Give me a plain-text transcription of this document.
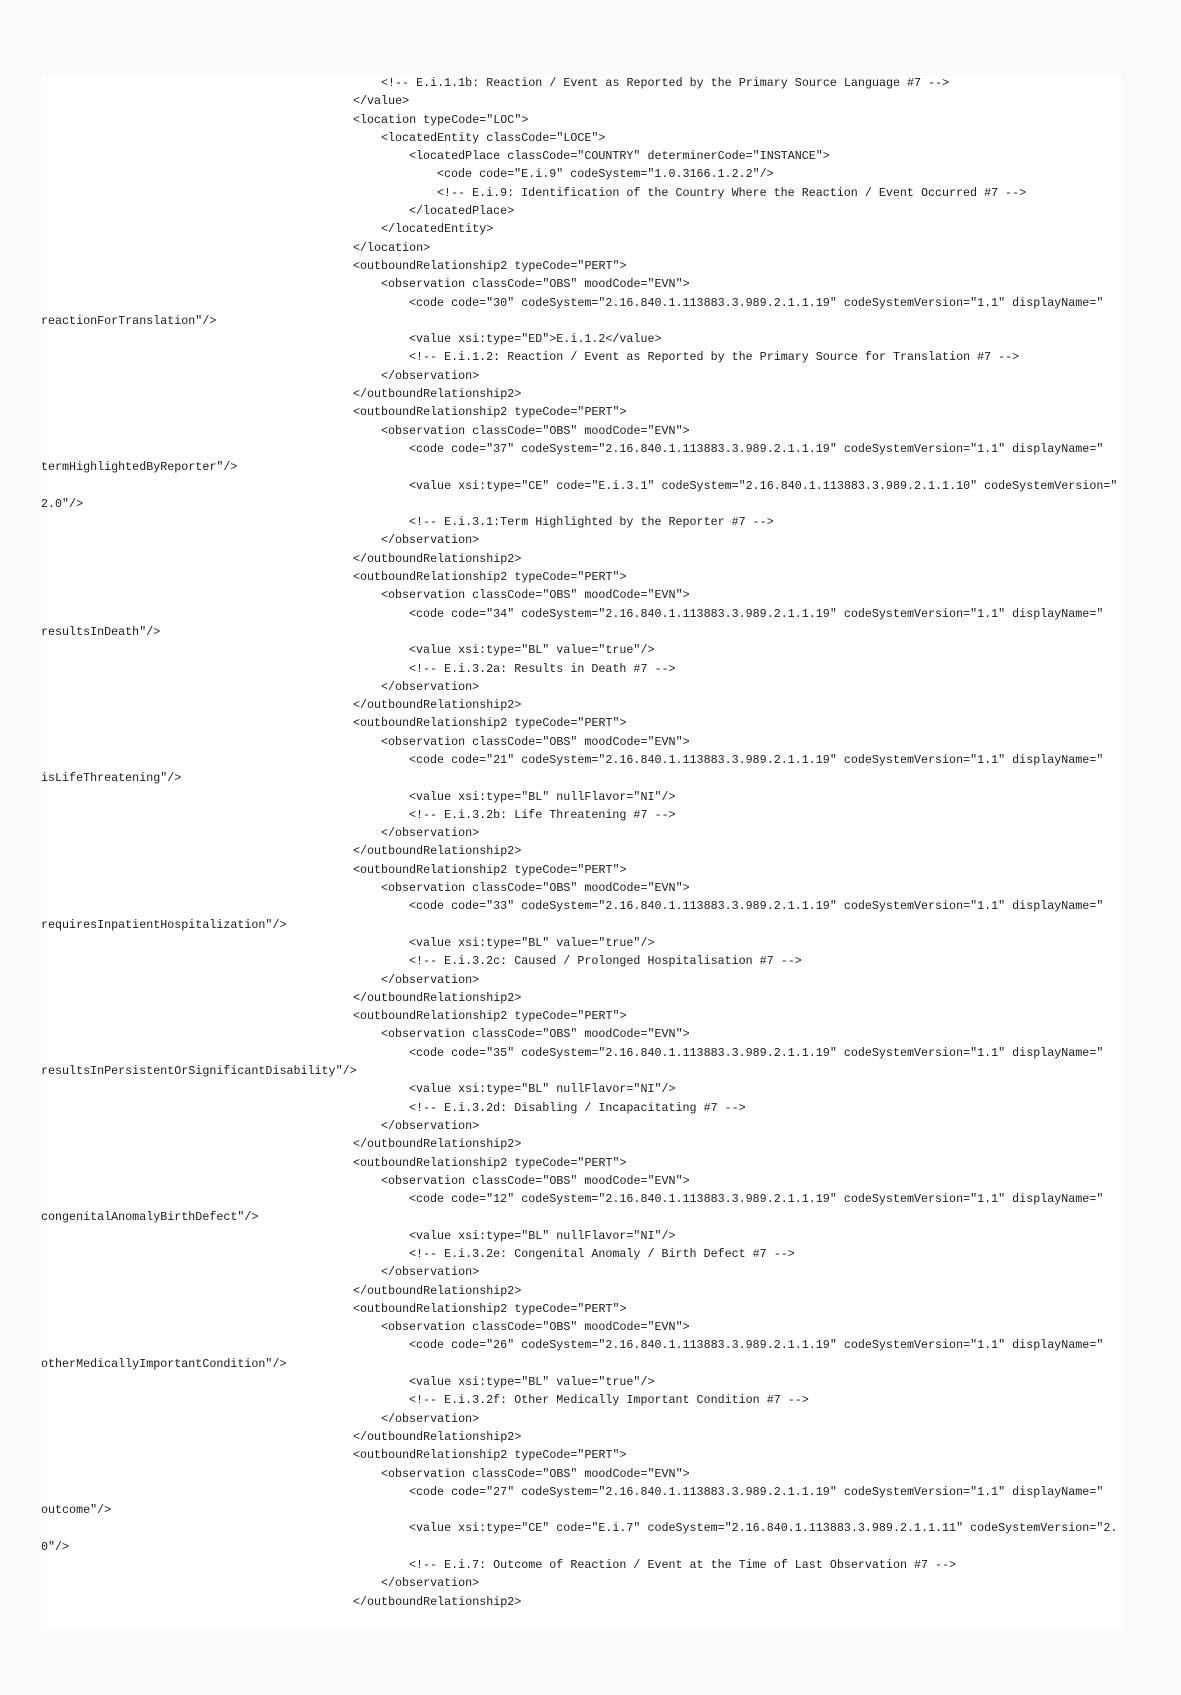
<!-- E.i.1.1b: Reaction / Event as Reported by the Primary Source Language #7 -->
</value>
<location typeCode="LOC">
<locatedEntity classCode="LOCE">
<locatedPlace classCode="COUNTRY" determinerCode="INSTANCE">
<code code="E.i.9" codeSystem="1.0.3166.1.2.2"/>
<!-- E.i.9: Identification of the Country Where the Reaction / Event Occurred #7 -->
</locatedPlace>
</locatedEntity>
</location>
<outboundRelationship2 typeCode="PERT">
<observation classCode="OBS" moodCode="EVN">
<code code="30" codeSystem="2.16.840.1.113883.3.989.2.1.1.19" codeSystemVersion="1.1" displayName="
reactionForTranslation"/>
<value xsi:type="ED">E.i.1.2</value>
<!-- E.i.1.2: Reaction / Event as Reported by the Primary Source for Translation #7 -->
</observation>
</outboundRelationship2>
<outboundRelationship2 typeCode="PERT">
<observation classCode="OBS" moodCode="EVN">
<code code="37" codeSystem="2.16.840.1.113883.3.989.2.1.1.19" codeSystemVersion="1.1" displayName="
termHighlightedByReporter"/>
<value xsi:type="CE" code="E.i.3.1" codeSystem="2.16.840.1.113883.3.989.2.1.1.10" codeSystemVersion="
2.0"/>
<!-- E.i.3.1:Term Highlighted by the Reporter #7 -->
</observation>
</outboundRelationship2>
<outboundRelationship2 typeCode="PERT">
<observation classCode="OBS" moodCode="EVN">
<code code="34" codeSystem="2.16.840.1.113883.3.989.2.1.1.19" codeSystemVersion="1.1" displayName="
resultsInDeath"/>
<value xsi:type="BL" value="true"/>
<!-- E.i.3.2a: Results in Death #7 -->
</observation>
</outboundRelationship2>
<outboundRelationship2 typeCode="PERT">
<observation classCode="OBS" moodCode="EVN">
<code code="21" codeSystem="2.16.840.1.113883.3.989.2.1.1.19" codeSystemVersion="1.1" displayName="
isLifeThreatening"/>
<value xsi:type="BL" nullFlavor="NI"/>
<!-- E.i.3.2b: Life Threatening #7 -->
</observation>
</outboundRelationship2>
<outboundRelationship2 typeCode="PERT">
<observation classCode="OBS" moodCode="EVN">
<code code="33" codeSystem="2.16.840.1.113883.3.989.2.1.1.19" codeSystemVersion="1.1" displayName="
requiresInpatientHospitalization"/>
<value xsi:type="BL" value="true"/>
<!-- E.i.3.2c: Caused / Prolonged Hospitalisation #7 -->
</observation>
</outboundRelationship2>
<outboundRelationship2 typeCode="PERT">
<observation classCode="OBS" moodCode="EVN">
<code code="35" codeSystem="2.16.840.1.113883.3.989.2.1.1.19" codeSystemVersion="1.1" displayName="
resultsInPersistentOrSignificantDisability"/>
<value xsi:type="BL" nullFlavor="NI"/>
<!-- E.i.3.2d: Disabling / Incapacitating #7 -->
</observation>
</outboundRelationship2>
<outboundRelationship2 typeCode="PERT">
<observation classCode="OBS" moodCode="EVN">
<code code="12" codeSystem="2.16.840.1.113883.3.989.2.1.1.19" codeSystemVersion="1.1" displayName="
congenitalAnomalyBirthDefect"/>
<value xsi:type="BL" nullFlavor="NI"/>
<!-- E.i.3.2e: Congenital Anomaly / Birth Defect #7 -->
</observation>
</outboundRelationship2>
<outboundRelationship2 typeCode="PERT">
<observation classCode="OBS" moodCode="EVN">
<code code="26" codeSystem="2.16.840.1.113883.3.989.2.1.1.19" codeSystemVersion="1.1" displayName="
otherMedicallyImportantCondition"/>
<value xsi:type="BL" value="true"/>
<!-- E.i.3.2f: Other Medically Important Condition #7 -->
</observation>
</outboundRelationship2>
<outboundRelationship2 typeCode="PERT">
<observation classCode="OBS" moodCode="EVN">
<code code="27" codeSystem="2.16.840.1.113883.3.989.2.1.1.19" codeSystemVersion="1.1" displayName="
outcome"/>
<value xsi:type="CE" code="E.i.7" codeSystem="2.16.840.1.113883.3.989.2.1.1.11" codeSystemVersion="2.
0"/>
<!-- E.i.7: Outcome of Reaction / Event at the Time of Last Observation #7 -->
</observation>
</outboundRelationship2>
